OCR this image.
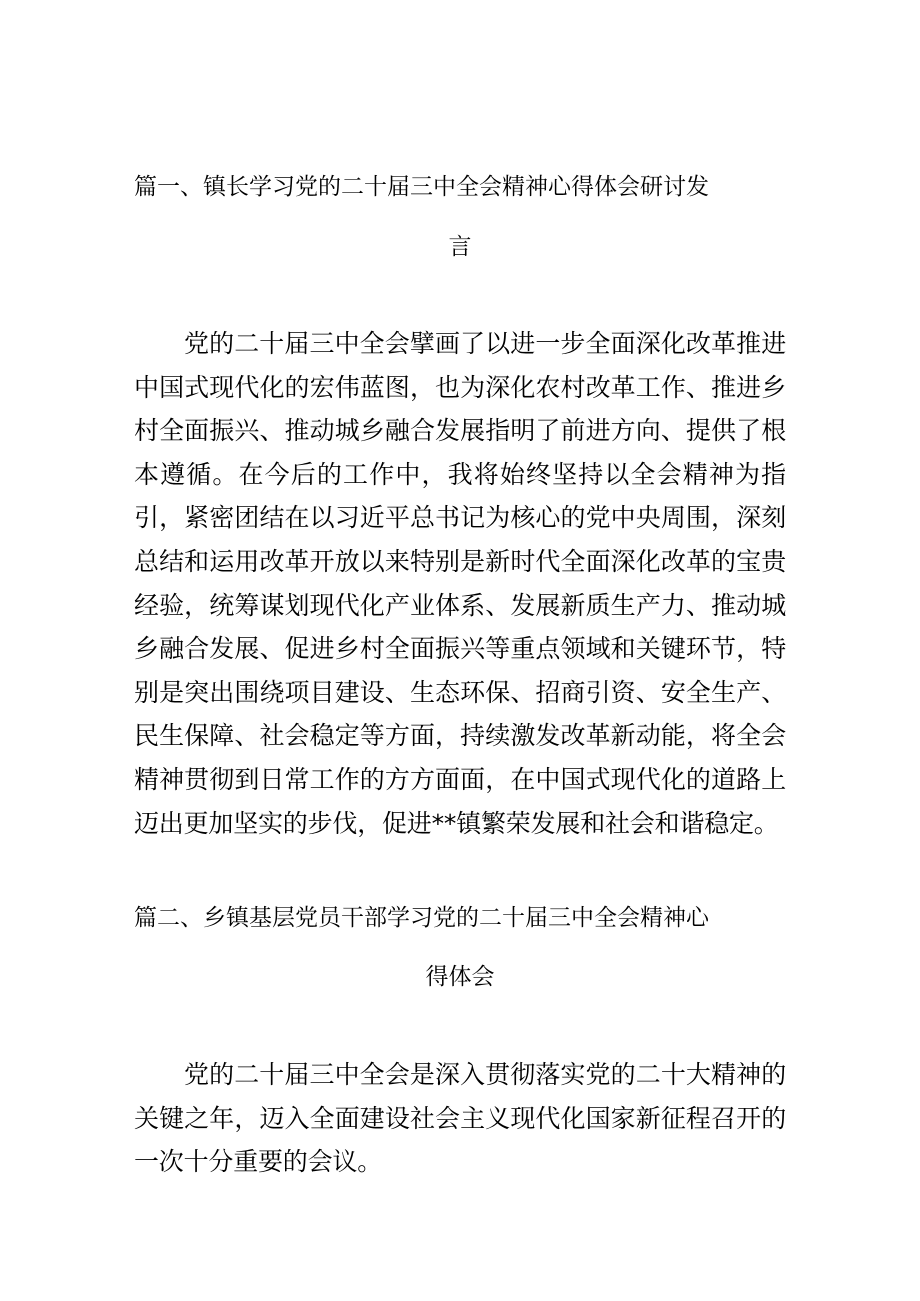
篇一、镇长学习党的二十届三中全会精神心得体会研讨发
言

党的二十届三中全会擘画了以进一步全面深化改革推进中国式现代化的宏伟蓝图，也为深化农村改革工作、推进乡村全面振兴、推动城乡融合发展指明了前进方向、提供了根本遵循。在今后的工作中，我将始终坚持以全会精神为指引，紧密团结在以习近平总书记为核心的党中央周围，深刻总结和运用改革开放以来特别是新时代全面深化改革的宝贵经验，统筹谋划现代化产业体系、发展新质生产力、推动城乡融合发展、促进乡村全面振兴等重点领域和关键环节，特别是突出围绕项目建设、生态环保、招商引资、安全生产、民生保障、社会稳定等方面，持续激发改革新动能，将全会精神贯彻到日常工作的方方面面，在中国式现代化的道路上迈出更加坚实的步伐，促进**镇繁荣发展和社会和谐稳定。

篇二、乡镇基层党员干部学习党的二十届三中全会精神心
得体会

党的二十届三中全会是深入贯彻落实党的二十大精神的关键之年，迈入全面建设社会主义现代化国家新征程召开的一次十分重要的会议。
